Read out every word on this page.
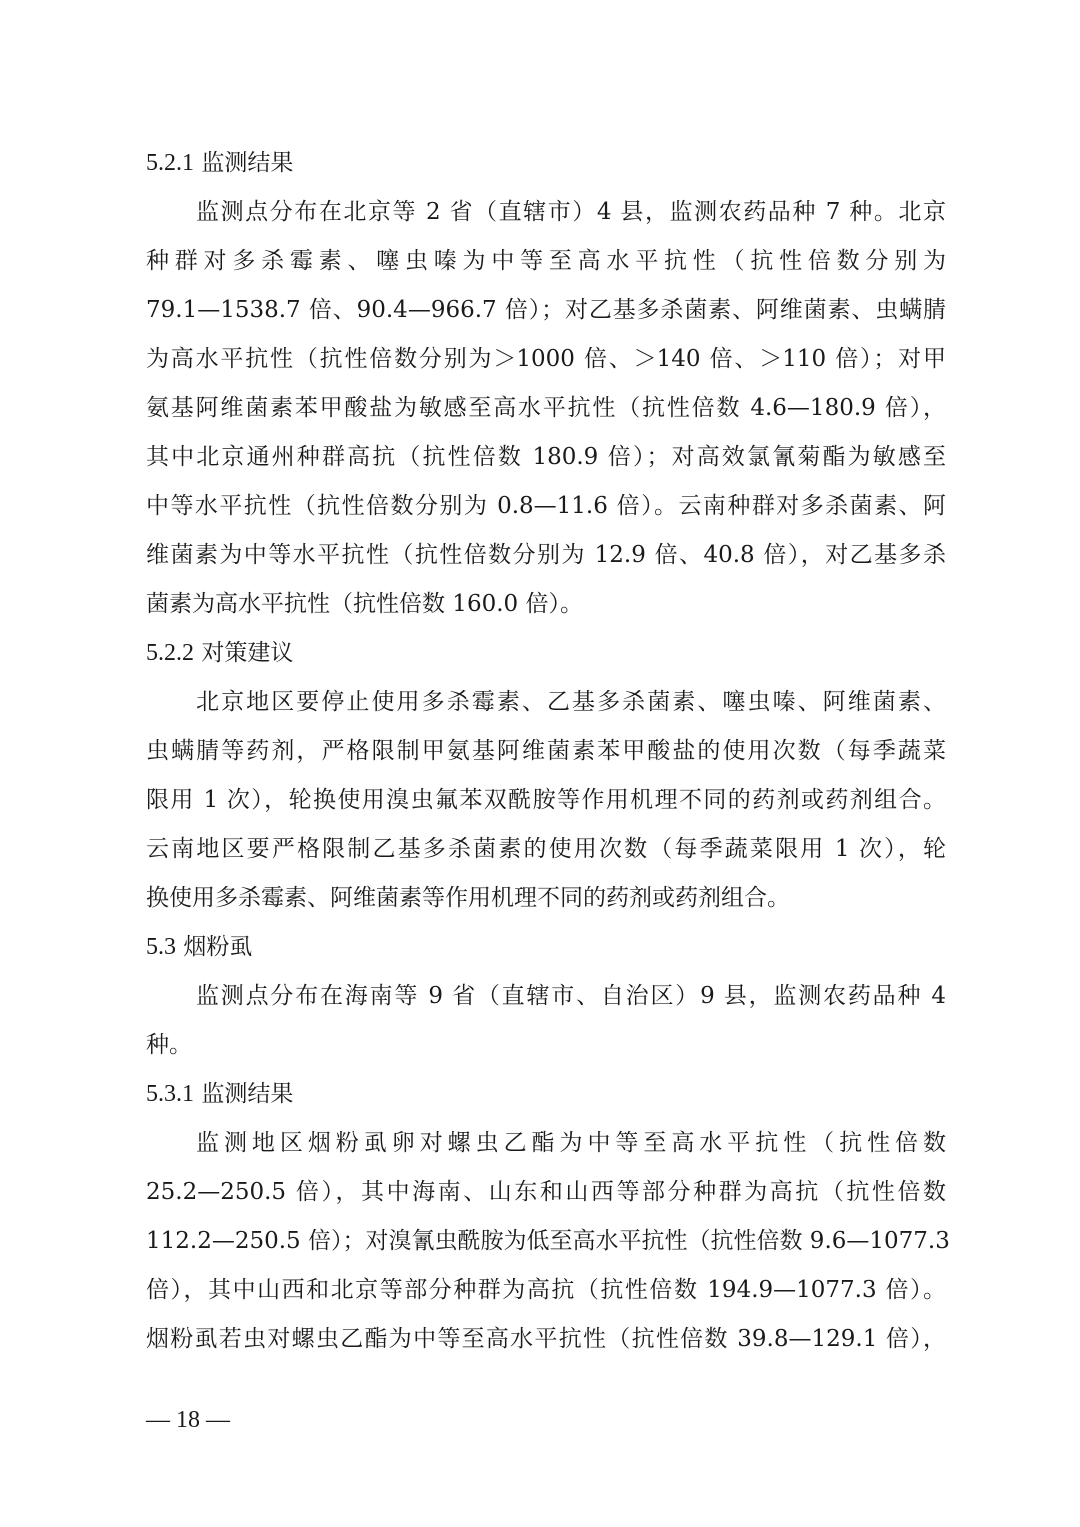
5.2.1 监测结果
监测点分布在北京等 2 省（直辖市）4 县，监测农药品种 7 种。北京
种群对多杀霉素、噻虫嗪为中等至高水平抗性（抗性倍数分别为
79.1—1538.7 倍、90.4—966.7 倍）；对乙基多杀菌素、阿维菌素、虫螨腈
为高水平抗性（抗性倍数分别为＞1000 倍、＞140 倍、＞110 倍）；对甲
氨基阿维菌素苯甲酸盐为敏感至高水平抗性（抗性倍数 4.6—180.9 倍），
其中北京通州种群高抗（抗性倍数 180.9 倍）；对高效氯氰菊酯为敏感至
中等水平抗性（抗性倍数分别为 0.8—11.6 倍）。云南种群对多杀菌素、阿
维菌素为中等水平抗性（抗性倍数分别为 12.9 倍、40.8 倍），对乙基多杀
菌素为高水平抗性（抗性倍数 160.0 倍）。
5.2.2 对策建议
北京地区要停止使用多杀霉素、乙基多杀菌素、噻虫嗪、阿维菌素、
虫螨腈等药剂，严格限制甲氨基阿维菌素苯甲酸盐的使用次数（每季蔬菜
限用 1 次），轮换使用溴虫氟苯双酰胺等作用机理不同的药剂或药剂组合。
云南地区要严格限制乙基多杀菌素的使用次数（每季蔬菜限用 1 次），轮
换使用多杀霉素、阿维菌素等作用机理不同的药剂或药剂组合。
5.3 烟粉虱
监测点分布在海南等 9 省（直辖市、自治区）9 县，监测农药品种 4
种。
5.3.1 监测结果
监测地区烟粉虱卵对螺虫乙酯为中等至高水平抗性（抗性倍数
25.2—250.5 倍），其中海南、山东和山西等部分种群为高抗（抗性倍数
112.2—250.5 倍）；对溴氰虫酰胺为低至高水平抗性（抗性倍数 9.6—1077.3
倍），其中山西和北京等部分种群为高抗（抗性倍数 194.9—1077.3 倍）。
烟粉虱若虫对螺虫乙酯为中等至高水平抗性（抗性倍数 39.8—129.1 倍），
— 18 —
